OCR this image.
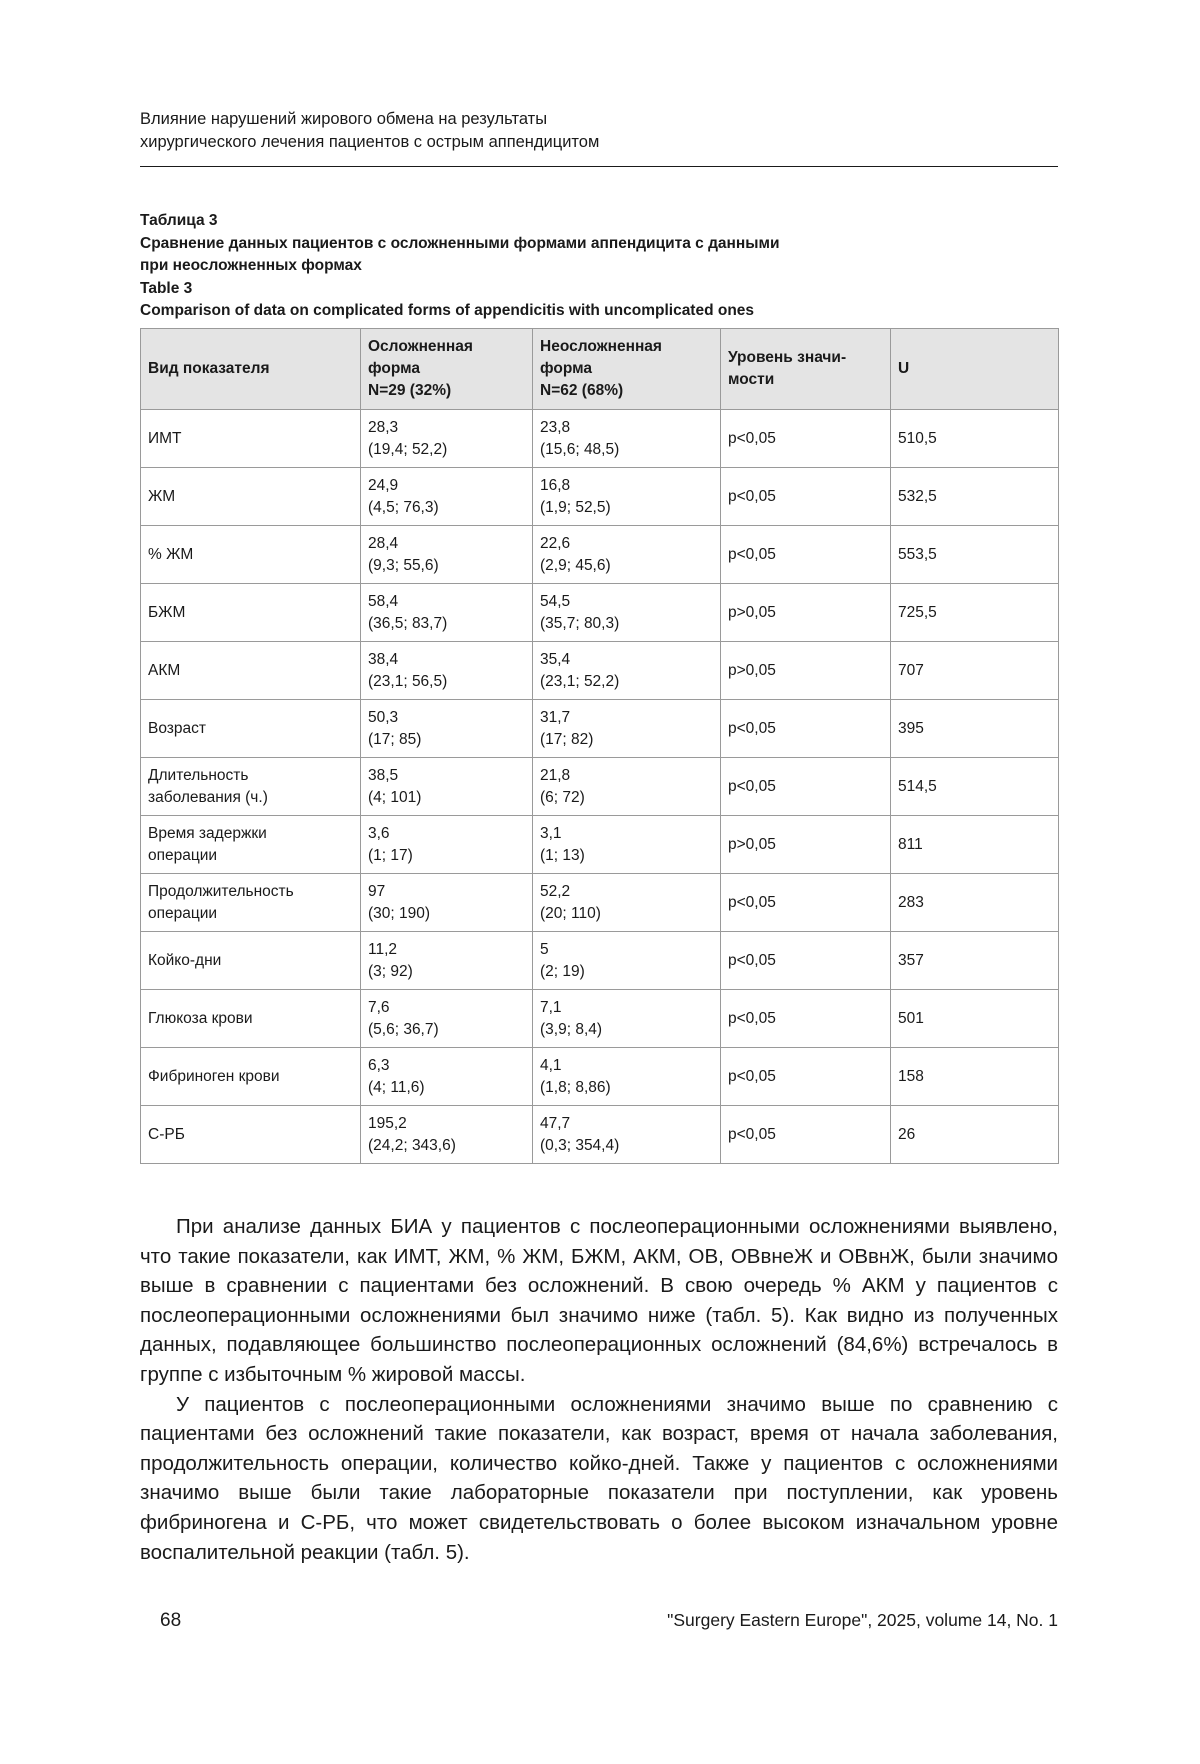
Влияние нарушений жирового обмена на результаты
хирургического лечения пациентов с острым аппендицитом
Таблица 3
Сравнение данных пациентов с осложненными формами аппендицита с данными
при неосложненных формах
Table 3
Comparison of data on complicated forms of appendicitis with uncomplicated ones
Вид показателя	Осложненная
форма
N=29 (32%)	Неосложненная
форма
N=62 (68%)	Уровень значи-
мости	U

ИМТ	28,3
(19,4; 52,2)	23,8
(15,6; 48,5)	p<0,05	510,5

ЖМ	24,9
(4,5; 76,3)	16,8
(1,9; 52,5)	p<0,05	532,5

% ЖМ	28,4
(9,3; 55,6)	22,6
(2,9; 45,6)	p<0,05	553,5

БЖМ	58,4
(36,5; 83,7)	54,5
(35,7; 80,3)	p>0,05	725,5

АКМ	38,4
(23,1; 56,5)	35,4
(23,1; 52,2)	p>0,05	707

Возраст	50,3
(17; 85)	31,7
(17; 82)	p<0,05	395

Длительность
заболевания (ч.)	38,5
(4; 101)	21,8
(6; 72)	p<0,05	514,5

Время задержки
операции	3,6
(1; 17)	3,1
(1; 13)	p>0,05	811

Продолжительность
операции	97
(30; 190)	52,2
(20; 110)	p<0,05	283

Койко-дни	11,2
(3; 92)	5
(2; 19)	p<0,05	357

Глюкоза крови	7,6
(5,6; 36,7)	7,1
(3,9; 8,4)	p<0,05	501

Фибриноген крови	6,3
(4; 11,6)	4,1
(1,8; 8,86)	p<0,05	158

С-РБ	195,2
(24,2; 343,6)	47,7
(0,3; 354,4)	p<0,05	26

При анализе данных БИА у пациентов с послеоперационными осложнениями выявлено, что такие показатели, как ИМТ, ЖМ, % ЖМ, БЖМ, АКМ, ОВ, ОВвнеЖ и ОВвнЖ, были значимо выше в сравнении с пациентами без осложнений. В свою очередь % АКМ у пациентов с послеоперационными осложнениями был значимо ниже (табл. 5). Как видно из полученных данных, подавляющее большинство послеоперационных осложнений (84,6%) встречалось в группе с избыточным % жировой массы.

У пациентов с послеоперационными осложнениями значимо выше по сравнению с пациентами без осложнений такие показатели, как возраст, время от начала заболевания, продолжительность операции, количество койко-дней. Также у пациентов с осложнениями значимо выше были такие лабораторные показатели при поступлении, как уровень фибриногена и С-РБ, что может свидетельствовать о более высоком изначальном уровне воспалительной реакции (табл. 5).

68	"Surgery Eastern Europe", 2025, volume 14, No. 1
